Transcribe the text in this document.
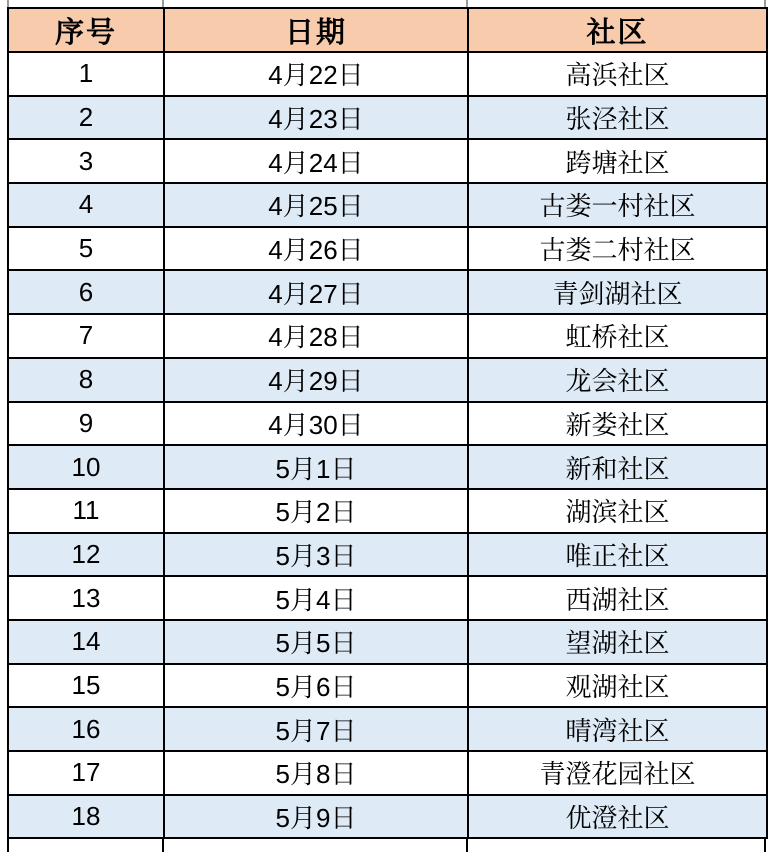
序号	日期	社区
1	4月22日	高浜社区
2	4月23日	张泾社区
3	4月24日	跨塘社区
4	4月25日	古娄一村社区
5	4月26日	古娄二村社区
6	4月27日	青剑湖社区
7	4月28日	虹桥社区
8	4月29日	龙会社区
9	4月30日	新娄社区
10	5月1日	新和社区
11	5月2日	湖滨社区
12	5月3日	唯正社区
13	5月4日	西湖社区
14	5月5日	望湖社区
15	5月6日	观湖社区
16	5月7日	晴湾社区
17	5月8日	青澄花园社区
18	5月9日	优澄社区
